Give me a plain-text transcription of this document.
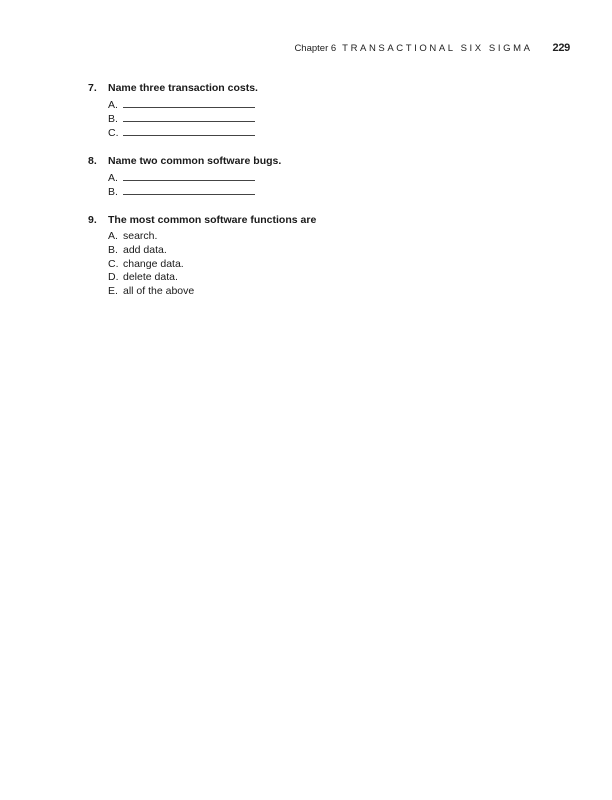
Chapter 6 TRANSACTIONAL SIX SIGMA 229
7.	Name three transaction costs.
A.
B.
C.
8.	Name two common software bugs.
A.
B.
9.	The most common software functions are
A. search.
B. add data.
C. change data.
D. delete data.
E. all of the above
